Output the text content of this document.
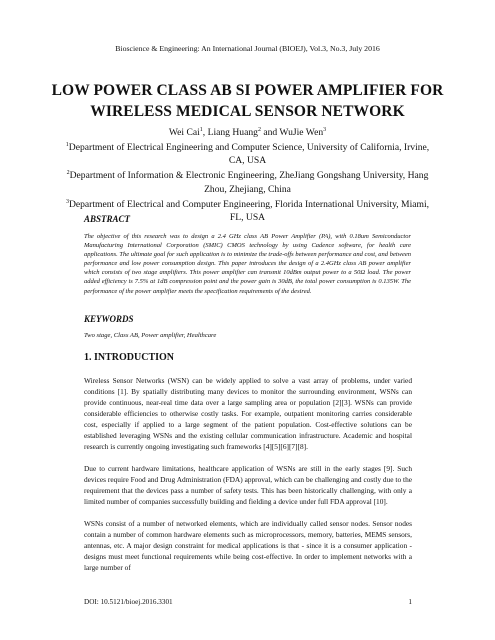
Bioscience & Engineering: An International Journal (BIOEJ), Vol.3, No.3, July 2016
LOW POWER CLASS AB SI POWER AMPLIFIER FOR
WIRELESS MEDICAL SENSOR NETWORK
Wei Cai$^1$, Liang Huang$^2$ and WuJie Wen$^3$

$^1$Department of Electrical Engineering and Computer Science, University of California, Irvine, CA, USA

$^2$Department of Information & Electronic Engineering, ZheJiang Gongshang University, Hang Zhou, Zhejiang, China

$^3$Department of Electrical and Computer Engineering, Florida International University, Miami, FL, USA

ABSTRACT
The objective of this research was to design a 2.4 GHz class AB Power Amplifier (PA), with 0.18um Semiconductor Manufacturing International Corporation (SMIC) CMOS technology by using Cadence software, for health care applications. The ultimate goal for such application is to minimize the trade-offs between performance and cost, and between performance and low power consumption design. This paper introduces the design of a 2.4GHz class AB power amplifier which consists of two stage amplifiers. This power amplifier can transmit 10dBm output power to a 50Ω load. The power added efficiency is 7.5% at 1dB compression point and the power gain is 30dB, the total power consumption is 0.135W. The performance of the power amplifier meets the specification requirements of the desired.
KEYWORDS
Two stage, Class AB, Power amplifier, Healthcare
1. INTRODUCTION
Wireless Sensor Networks (WSN) can be widely applied to solve a vast array of problems, under varied conditions [1]. By spatially distributing many devices to monitor the surrounding environment, WSNs can provide continuous, near-real time data over a large sampling area or population [2][3]. WSNs can provide considerable efficiencies to otherwise costly tasks. For example, outpatient monitoring carries considerable cost, especially if applied to a large segment of the patient population. Cost-effective solutions can be established leveraging WSNs and the existing cellular communication infrastructure. Academic and hospital research is currently ongoing investigating such frameworks [4][5][6][7][8].
Due to current hardware limitations, healthcare application of WSNs are still in the early stages [9]. Such devices require Food and Drug Administration (FDA) approval, which can be challenging and costly due to the requirement that the devices pass a number of safety tests. This has been historically challenging, with only a limited number of companies successfully building and fielding a device under full FDA approval [10].
WSNs consist of a number of networked elements, which are individually called sensor nodes. Sensor nodes contain a number of common hardware elements such as microprocessors, memory, batteries, MEMS sensors, antennas, etc. A major design constraint for medical applications is that - since it is a consumer application - designs must meet functional requirements while being cost-effective. In order to implement networks with a large number of
DOI: 10.5121/bioej.2016.3301	1
